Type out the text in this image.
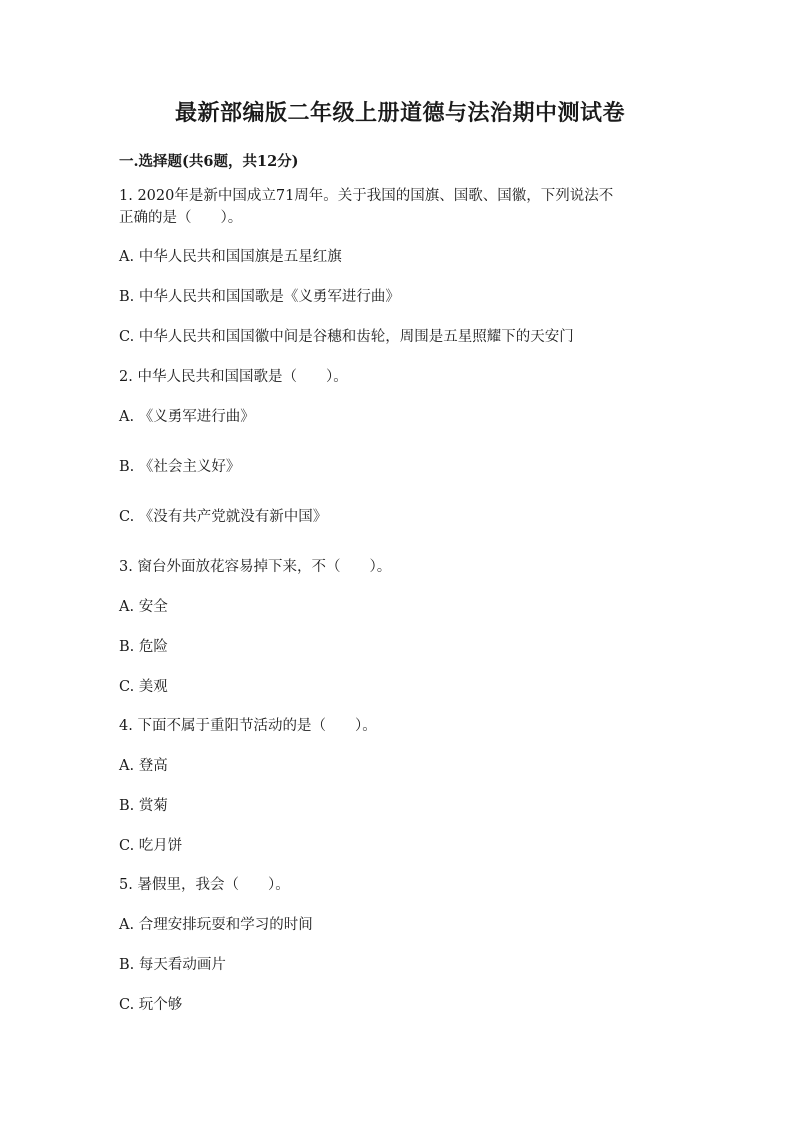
最新部编版二年级上册道德与法治期中测试卷
一.选择题(共6题，共12分)
1. 2020年是新中国成立71周年。关于我国的国旗、国歌、国徽，下列说法不
正确的是（　　）。
A. 中华人民共和国国旗是五星红旗
B. 中华人民共和国国歌是《义勇军进行曲》
C. 中华人民共和国国徽中间是谷穗和齿轮，周围是五星照耀下的天安门
2. 中华人民共和国国歌是（　　）。
A. 《义勇军进行曲》
B. 《社会主义好》
C. 《没有共产党就没有新中国》
3. 窗台外面放花容易掉下来，不（　　）。
A. 安全
B. 危险
C. 美观
4. 下面不属于重阳节活动的是（　　）。
A. 登高
B. 赏菊
C. 吃月饼
5. 暑假里，我会（　　）。
A. 合理安排玩耍和学习的时间
B. 每天看动画片
C. 玩个够
